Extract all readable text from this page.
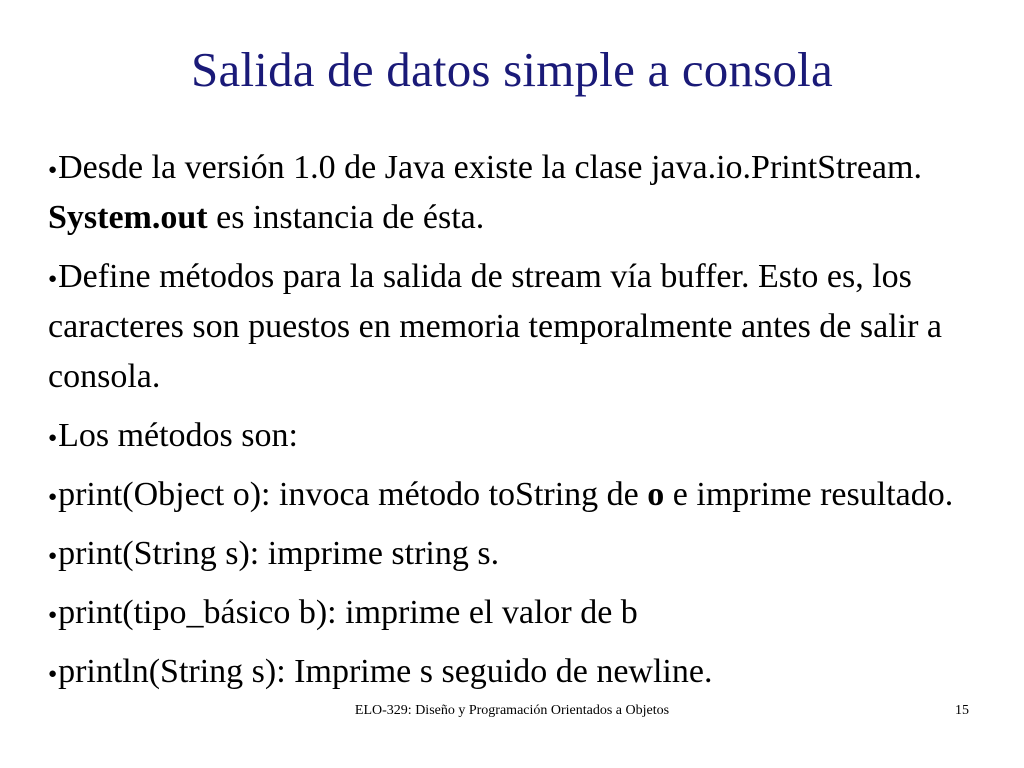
Salida de datos simple a consola
●Desde la versión 1.0 de Java existe la clase java.io.PrintStream. System.out es instancia de ésta.
●Define métodos para la salida de stream vía buffer. Esto es, los caracteres son puestos en memoria temporalmente antes de salir a consola.
●Los métodos son:
●print(Object o): invoca método toString de o e imprime resultado.
●print(String s): imprime string s.
●print(tipo_básico b): imprime el valor de b
●println(String s): Imprime s seguido de newline.
ELO-329: Diseño y Programación Orientados a Objetos	15
